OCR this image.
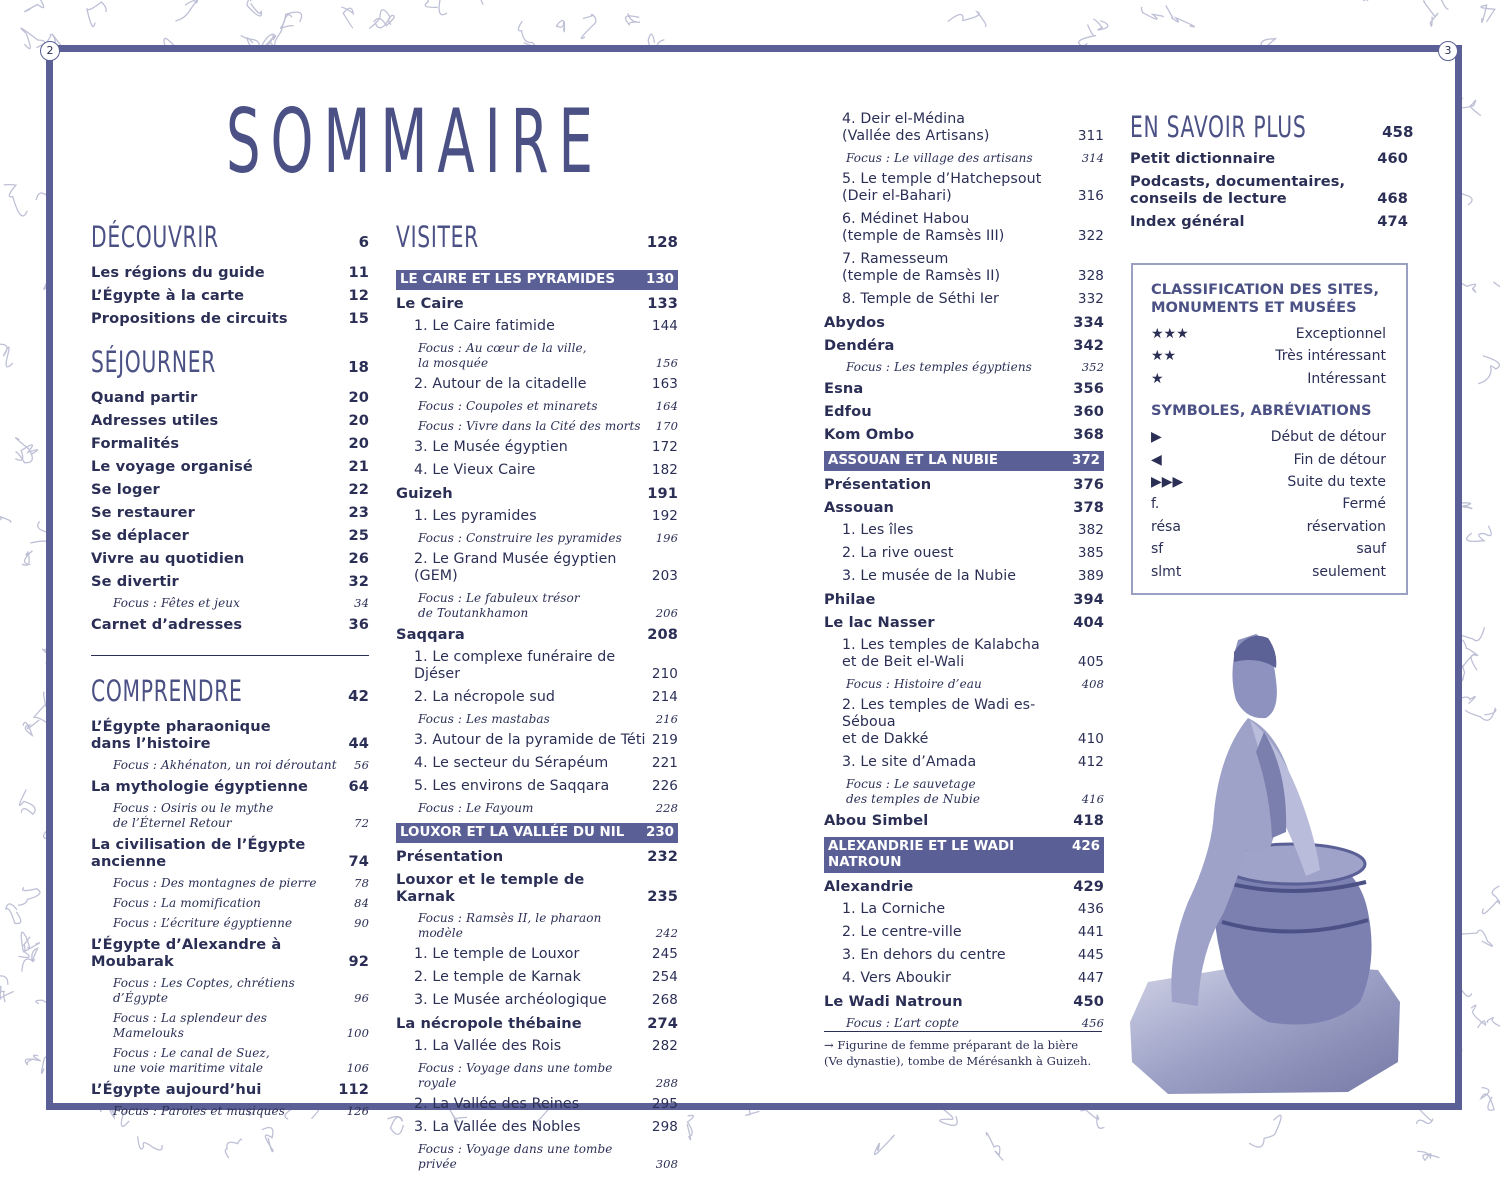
2	3
SOMMAIRE
DÉCOUVRIR	6
Les régions du guide	11
L’Égypte à la carte	12
Propositions de circuits	15
SÉJOURNER	18
Quand partir	20
Adresses utiles	20
Formalités	20
Le voyage organisé	21
Se loger	22
Se restaurer	23
Se déplacer	25
Vivre au quotidien	26
Se divertir	32
Focus : Fêtes et jeux	34
Carnet d’adresses	36
COMPRENDRE	42
L’Égypte pharaonique
dans l’histoire	44
Focus : Akhénaton, un roi déroutant	56
La mythologie égyptienne	64
Focus : Osiris ou le mythe
de l’Éternel Retour	72
La civilisation de l’Égypte ancienne	74
Focus : Des montagnes de pierre	78
Focus : La momification	84
Focus : L’écriture égyptienne	90
L’Égypte d’Alexandre à Moubarak	92
Focus : Les Coptes, chrétiens d’Égypte	96
Focus : La splendeur des Mamelouks	100
Focus : Le canal de Suez,
une voie maritime vitale	106
L’Égypte aujourd’hui	112
Focus : Paroles et musiques	126
VISITER	128
LE CAIRE ET LES PYRAMIDES 130
Le Caire	133
1. Le Caire fatimide	144
Focus : Au cœur de la ville,
la mosquée	156
2. Autour de la citadelle	163
Focus : Coupoles et minarets	164
Focus : Vivre dans la Cité des morts	170
3. Le Musée égyptien	172
4. Le Vieux Caire	182
Guizeh	191
1. Les pyramides	192
Focus : Construire les pyramides	196
2. Le Grand Musée égyptien (GEM)	203
Focus : Le fabuleux trésor
de Toutankhamon	206
Saqqara	208
1. Le complexe funéraire de Djéser	210
2. La nécropole sud	214
Focus : Les mastabas	216
3. Autour de la pyramide de Téti 219
4. Le secteur du Sérapéum	221
5. Les environs de Saqqara	226
Focus : Le Fayoum	228
LOUXOR ET LA VALLÉE DU NIL 230
Présentation	232
Louxor et le temple de Karnak	235
Focus : Ramsès II, le pharaon modèle	242
1. Le temple de Louxor	245
2. Le temple de Karnak	254
3. Le Musée archéologique	268
La nécropole thébaine	274
1. La Vallée des Rois	282
Focus : Voyage dans une tombe royale	288
2. La Vallée des Reines	295
3. La Vallée des Nobles	298
Focus : Voyage dans une tombe privée	308
4. Deir el-Médina
(Vallée des Artisans)	311
Focus : Le village des artisans	314
5. Le temple d’Hatchepsout
(Deir el-Bahari)	316
6. Médinet Habou
(temple de Ramsès III)	322
7. Ramesseum
(temple de Ramsès II)	328
8. Temple de Séthi Ier	332
Abydos	334
Dendéra	342
Focus : Les temples égyptiens	352
Esna	356
Edfou	360
Kom Ombo	368
ASSOUAN ET LA NUBIE	372
Présentation	376
Assouan	378
1. Les îles	382
2. La rive ouest	385
3. Le musée de la Nubie	389
Philae	394
Le lac Nasser	404
1. Les temples de Kalabcha
et de Beit el-Wali	405
Focus : Histoire d’eau	408
2. Les temples de Wadi es-Séboua
et de Dakké	410
3. Le site d’Amada	412
Focus : Le sauvetage
des temples de Nubie	416
Abou Simbel	418
ALEXANDRIE ET LE WADI NATROUN
426
Alexandrie	429
1. La Corniche	436
2. Le centre-ville	441
3. En dehors du centre	445
4. Vers Aboukir	447
Le Wadi Natroun	450
Focus : L’art copte	456
EN SAVOIR PLUS	458
Petit dictionnaire	460
Podcasts, documentaires,
conseils de lecture	468
Index général	474
CLASSIFICATION DES SITES,
MONUMENTS ET MUSÉES
★★★	Exceptionnel
★★	Très intéressant
★	Intéressant
SYMBOLES, ABRÉVIATIONS
▶	Début de détour
◀	Fin de détour
▶▶▶	Suite du texte
f.	Fermé
résa	réservation
sf	sauf
slmt	seulement
→ Figurine de femme préparant de la bière
(Ve dynastie), tombe de Mérésankh à Guizeh.
